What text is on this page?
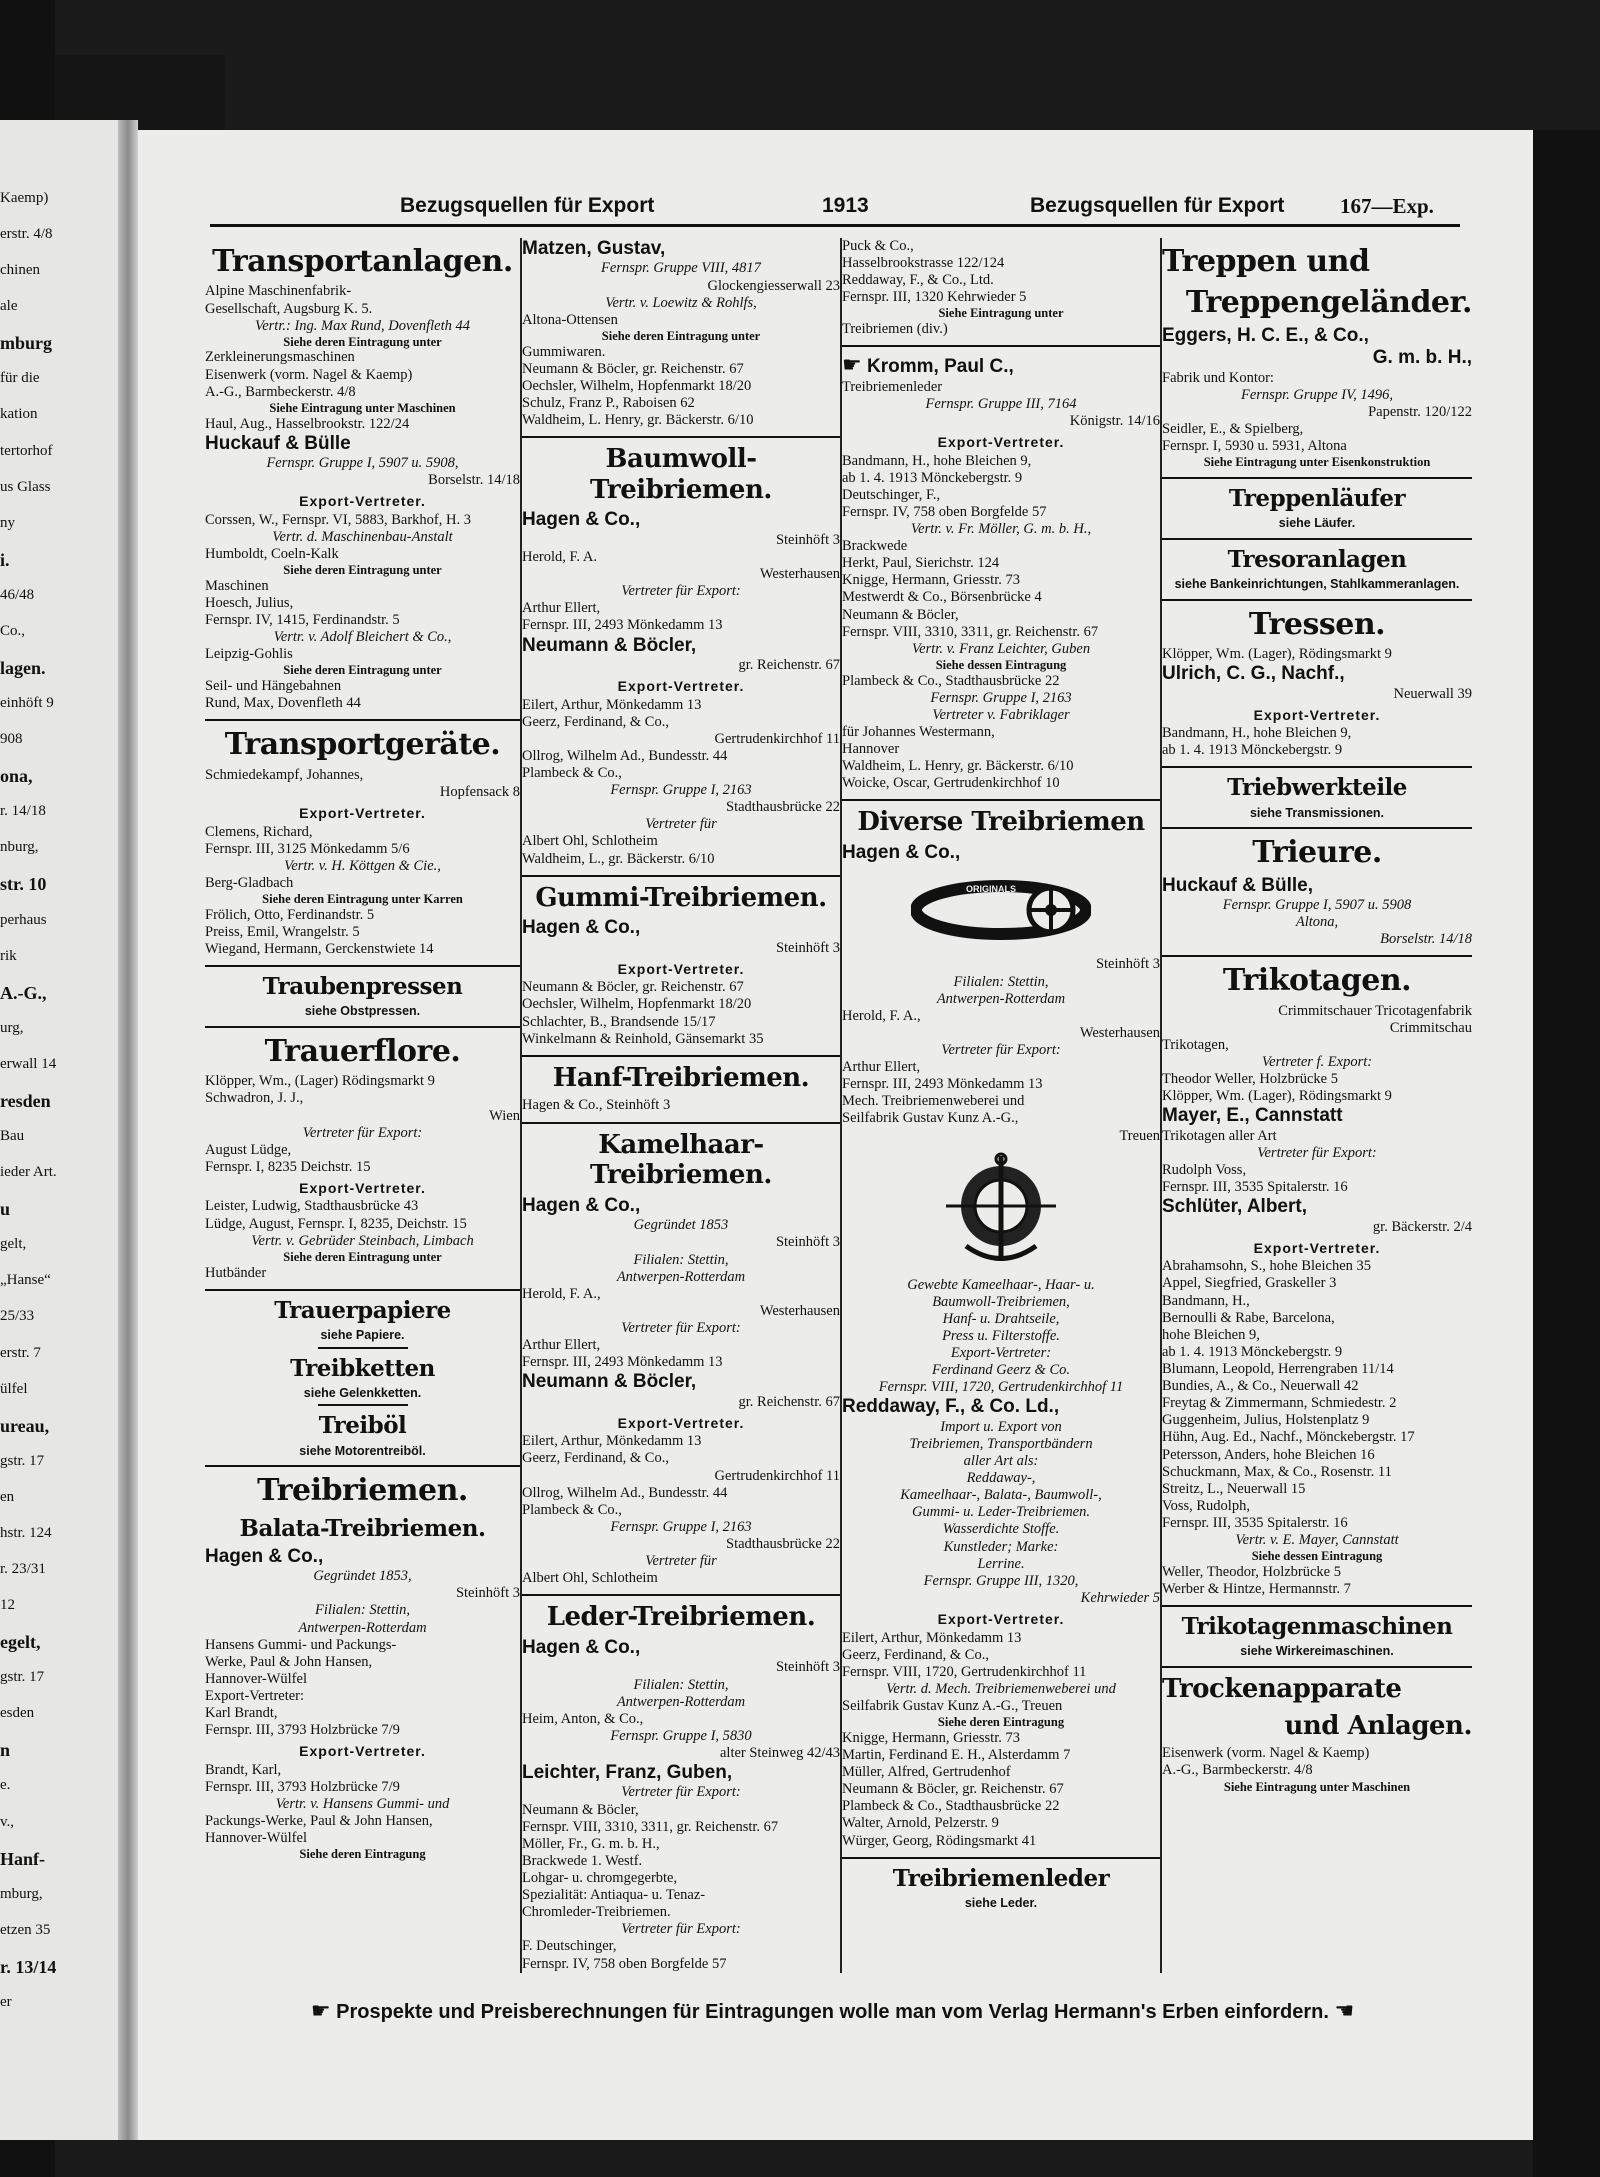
Kaemp)
erstr. 4/8
chinen
ale
mburg
für die
kation
tertorhof
us Glass
ny
i.
46/48
Co.,
lagen.
einhöft 9
908
ona,
r. 14/18
nburg,
str. 10
perhaus
rik
A.-G.,
urg,
erwall 14
resden
Bau
ieder Art.
u
gelt,
„Hanse“
25/33
erstr. 7
ülfel
ureau,
gstr. 17
en
hstr. 124
r. 23/31
12
egelt,
gstr. 17
esden
n
e.
v.,
Hanf-
mburg,
etzen 35
r. 13/14
er
Bezugsquellen für Export	1913	Bezugsquellen für Export	167—Exp.
Transportanlagen.
Alpine Maschinenfabrik-
Gesellschaft, Augsburg K. 5.
Vertr.: Ing. Max Rund, Dovenfleth 44
Siehe deren Eintragung unter
Zerkleinerungsmaschinen
Eisenwerk (vorm. Nagel & Kaemp)
A.-G., Barmbeckerstr. 4/8
Siehe Eintragung unter Maschinen
Haul, Aug., Hasselbrookstr. 122/24
Huckauf & Bülle
Fernspr. Gruppe I, 5907 u. 5908,
Borselstr. 14/18
Export-Vertreter.
Corssen, W., Fernspr. VI, 5883, Barkhof, H. 3
Vertr. d. Maschinenbau-Anstalt
Humboldt, Coeln-Kalk
Siehe deren Eintragung unter
Maschinen
Hoesch, Julius,
Fernspr. IV, 1415, Ferdinandstr. 5
Vertr. v. Adolf Bleichert & Co.,
Leipzig-Gohlis
Siehe deren Eintragung unter
Seil- und Hängebahnen
Rund, Max, Dovenfleth 44
Transportgeräte.
Schmiedekampf, Johannes,
Hopfensack 8
Export-Vertreter.
Clemens, Richard,
Fernspr. III, 3125 Mönkedamm 5/6
Vertr. v. H. Köttgen & Cie.,
Berg-Gladbach
Siehe deren Eintragung unter Karren
Frölich, Otto, Ferdinandstr. 5
Preiss, Emil, Wrangelstr. 5
Wiegand, Hermann, Gerckenstwiete 14
Traubenpressen
siehe Obstpressen.
Trauerflore.
Klöpper, Wm., (Lager) Rödingsmarkt 9
Schwadron, J. J.,
Wien
Vertreter für Export:
August Lüdge,
Fernspr. I, 8235 Deichstr. 15
Export-Vertreter.
Leister, Ludwig, Stadthausbrücke 43
Lüdge, August, Fernspr. I, 8235, Deichstr. 15
Vertr. v. Gebrüder Steinbach, Limbach
Siehe deren Eintragung unter
Hutbänder
Trauerpapiere
siehe Papiere.
Treibketten
siehe Gelenkketten.
Treiböl
siehe Motorentreiböl.
Treibriemen.
Balata-Treibriemen.
Hagen & Co.,
Gegründet 1853,
Steinhöft 3
Filialen: Stettin,
Antwerpen-Rotterdam
Hansens Gummi- und Packungs-
Werke, Paul & John Hansen,
Hannover-Wülfel
Export-Vertreter:
Karl Brandt,
Fernspr. III, 3793 Holzbrücke 7/9
Export-Vertreter.
Brandt, Karl,
Fernspr. III, 3793 Holzbrücke 7/9
Vertr. v. Hansens Gummi- und
Packungs-Werke, Paul & John Hansen,
Hannover-Wülfel
Siehe deren Eintragung
Matzen, Gustav,
Fernspr. Gruppe VIII, 4817
Glockengiesserwall 23
Vertr. v. Loewitz & Rohlfs,
Altona-Ottensen
Siehe deren Eintragung unter
Gummiwaren.
Neumann & Böcler, gr. Reichenstr. 67
Oechsler, Wilhelm, Hopfenmarkt 18/20
Schulz, Franz P., Raboisen 62
Waldheim, L. Henry, gr. Bäckerstr. 6/10
Baumwoll-Treibriemen.
Hagen & Co.,
Steinhöft 3
Herold, F. A.
Westerhausen
Vertreter für Export:
Arthur Ellert,
Fernspr. III, 2493 Mönkedamm 13
Neumann & Böcler,
gr. Reichenstr. 67
Export-Vertreter.
Eilert, Arthur, Mönkedamm 13
Geerz, Ferdinand, & Co.,
Gertrudenkirchhof 11
Ollrog, Wilhelm Ad., Bundesstr. 44
Plambeck & Co.,
Fernspr. Gruppe I, 2163
Stadthausbrücke 22
Vertreter für
Albert Ohl, Schlotheim
Waldheim, L., gr. Bäckerstr. 6/10
Gummi-Treibriemen.
Hagen & Co.,
Steinhöft 3
Export-Vertreter.
Neumann & Böcler, gr. Reichenstr. 67
Oechsler, Wilhelm, Hopfenmarkt 18/20
Schlachter, B., Brandsende 15/17
Winkelmann & Reinhold, Gänsemarkt 35
Hanf-Treibriemen.
Hagen & Co., Steinhöft 3
Kamelhaar-Treibriemen.
Hagen & Co.,
Gegründet 1853
Steinhöft 3
Filialen: Stettin,
Antwerpen-Rotterdam
Herold, F. A.,
Westerhausen
Vertreter für Export:
Arthur Ellert,
Fernspr. III, 2493 Mönkedamm 13
Neumann & Böcler,
gr. Reichenstr. 67
Export-Vertreter.
Eilert, Arthur, Mönkedamm 13
Geerz, Ferdinand, & Co.,
Gertrudenkirchhof 11
Ollrog, Wilhelm Ad., Bundesstr. 44
Plambeck & Co.,
Fernspr. Gruppe I, 2163
Stadthausbrücke 22
Vertreter für
Albert Ohl, Schlotheim
Leder-Treibriemen.
Hagen & Co.,
Steinhöft 3
Filialen: Stettin,
Antwerpen-Rotterdam
Heim, Anton, & Co.,
Fernspr. Gruppe I, 5830
alter Steinweg 42/43
Leichter, Franz, Guben,
Vertreter für Export:
Neumann & Böcler,
Fernspr. VIII, 3310, 3311, gr. Reichenstr. 67
Möller, Fr., G. m. b. H.,
Brackwede 1. Westf.
Lohgar- u. chromgegerbte,
Spezialität: Antiaqua- u. Tenaz-
Chromleder-Treibriemen.
Vertreter für Export:
F. Deutschinger,
Fernspr. IV, 758 oben Borgfelde 57
Puck & Co.,
Hasselbrookstrasse 122/124
Reddaway, F., & Co., Ltd.
Fernspr. III, 1320 Kehrwieder 5
Siehe Eintragung unter
Treibriemen (div.)
☛ Kromm, Paul C.,
Treibriemenleder
Fernspr. Gruppe III, 7164
Königstr. 14/16
Export-Vertreter.
Bandmann, H., hohe Bleichen 9,
ab 1. 4. 1913 Mönckebergstr. 9
Deutschinger, F.,
Fernspr. IV, 758 oben Borgfelde 57
Vertr. v. Fr. Möller, G. m. b. H.,
Brackwede
Herkt, Paul, Sierichstr. 124
Knigge, Hermann, Griesstr. 73
Mestwerdt & Co., Börsenbrücke 4
Neumann & Böcler,
Fernspr. VIII, 3310, 3311, gr. Reichenstr. 67
Vertr. v. Franz Leichter, Guben
Siehe dessen Eintragung
Plambeck & Co., Stadthausbrücke 22
Fernspr. Gruppe I, 2163
Vertreter v. Fabriklager
für Johannes Westermann,
Hannover
Waldheim, L. Henry, gr. Bäckerstr. 6/10
Woicke, Oscar, Gertrudenkirchhof 10
Diverse Treibriemen
Hagen & Co.,
ORIGINALS
Steinhöft 3
Filialen: Stettin,
Antwerpen-Rotterdam
Herold, F. A.,
Westerhausen
Vertreter für Export:
Arthur Ellert,
Fernspr. III, 2493 Mönkedamm 13
Mech. Treibriemenweberei und
Seilfabrik Gustav Kunz A.-G.,
Treuen
Gewebte Kameelhaar-, Haar- u.
Baumwoll-Treibriemen,
Hanf- u. Drahtseile,
Press u. Filterstoffe.
Export-Vertreter:
Ferdinand Geerz & Co.
Fernspr. VIII, 1720, Gertrudenkirchhof 11
Reddaway, F., & Co. Ld.,
Import u. Export von
Treibriemen, Transportbändern
aller Art als:
Reddaway-,
Kameelhaar-, Balata-, Baumwoll-,
Gummi- u. Leder-Treibriemen.
Wasserdichte Stoffe.
Kunstleder; Marke:
Lerrine.
Fernspr. Gruppe III, 1320,
Kehrwieder 5
Export-Vertreter.
Eilert, Arthur, Mönkedamm 13
Geerz, Ferdinand, & Co.,
Fernspr. VIII, 1720, Gertrudenkirchhof 11
Vertr. d. Mech. Treibriemenweberei und
Seilfabrik Gustav Kunz A.-G., Treuen
Siehe deren Eintragung
Knigge, Hermann, Griesstr. 73
Martin, Ferdinand E. H., Alsterdamm 7
Müller, Alfred, Gertrudenhof
Neumann & Böcler, gr. Reichenstr. 67
Plambeck & Co., Stadthausbrücke 22
Walter, Arnold, Pelzerstr. 9
Würger, Georg, Rödingsmarkt 41
Treibriemenleder
siehe Leder.
Treppen und
Treppengeländer.
Eggers, H. C. E., & Co.,
G. m. b. H.,
Fabrik und Kontor:
Fernspr. Gruppe IV, 1496,
Papenstr. 120/122
Seidler, E., & Spielberg,
Fernspr. I, 5930 u. 5931, Altona
Siehe Eintragung unter Eisenkonstruktion
Treppenläufer
siehe Läufer.
Tresoranlagen
siehe Bankeinrichtungen, Stahlkammeranlagen.
Tressen.
Klöpper, Wm. (Lager), Rödingsmarkt 9
Ulrich, C. G., Nachf.,
Neuerwall 39
Export-Vertreter.
Bandmann, H., hohe Bleichen 9,
ab 1. 4. 1913 Mönckebergstr. 9
Triebwerkteile
siehe Transmissionen.
Trieure.
Huckauf & Bülle,
Fernspr. Gruppe I, 5907 u. 5908
Altona,
Borselstr. 14/18
Trikotagen.
Crimmitschauer Tricotagenfabrik
Crimmitschau
Trikotagen,
Vertreter f. Export:
Theodor Weller, Holzbrücke 5
Klöpper, Wm. (Lager), Rödingsmarkt 9
Mayer, E., Cannstatt
Trikotagen aller Art
Vertreter für Export:
Rudolph Voss,
Fernspr. III, 3535 Spitalerstr. 16
Schlüter, Albert,
gr. Bäckerstr. 2/4
Export-Vertreter.
Abrahamsohn, S., hohe Bleichen 35
Appel, Siegfried, Graskeller 3
Bandmann, H.,
Bernoulli & Rabe, Barcelona,
hohe Bleichen 9,
ab 1. 4. 1913 Mönckebergstr. 9
Blumann, Leopold, Herrengraben 11/14
Bundies, A., & Co., Neuerwall 42
Freytag & Zimmermann, Schmiedestr. 2
Guggenheim, Julius, Holstenplatz 9
Hühn, Aug. Ed., Nachf., Mönckebergstr. 17
Petersson, Anders, hohe Bleichen 16
Schuckmann, Max, & Co., Rosenstr. 11
Streitz, L., Neuerwall 15
Voss, Rudolph,
Fernspr. III, 3535 Spitalerstr. 16
Vertr. v. E. Mayer, Cannstatt
Siehe dessen Eintragung
Weller, Theodor, Holzbrücke 5
Werber & Hintze, Hermannstr. 7
Trikotagenmaschinen
siehe Wirkereimaschinen.
Trockenapparate
und Anlagen.
Eisenwerk (vorm. Nagel & Kaemp)
A.-G., Barmbeckerstr. 4/8
Siehe Eintragung unter Maschinen
☛ Prospekte und Preisberechnungen für Eintragungen wolle man vom Verlag Hermann's Erben einfordern. ☚
